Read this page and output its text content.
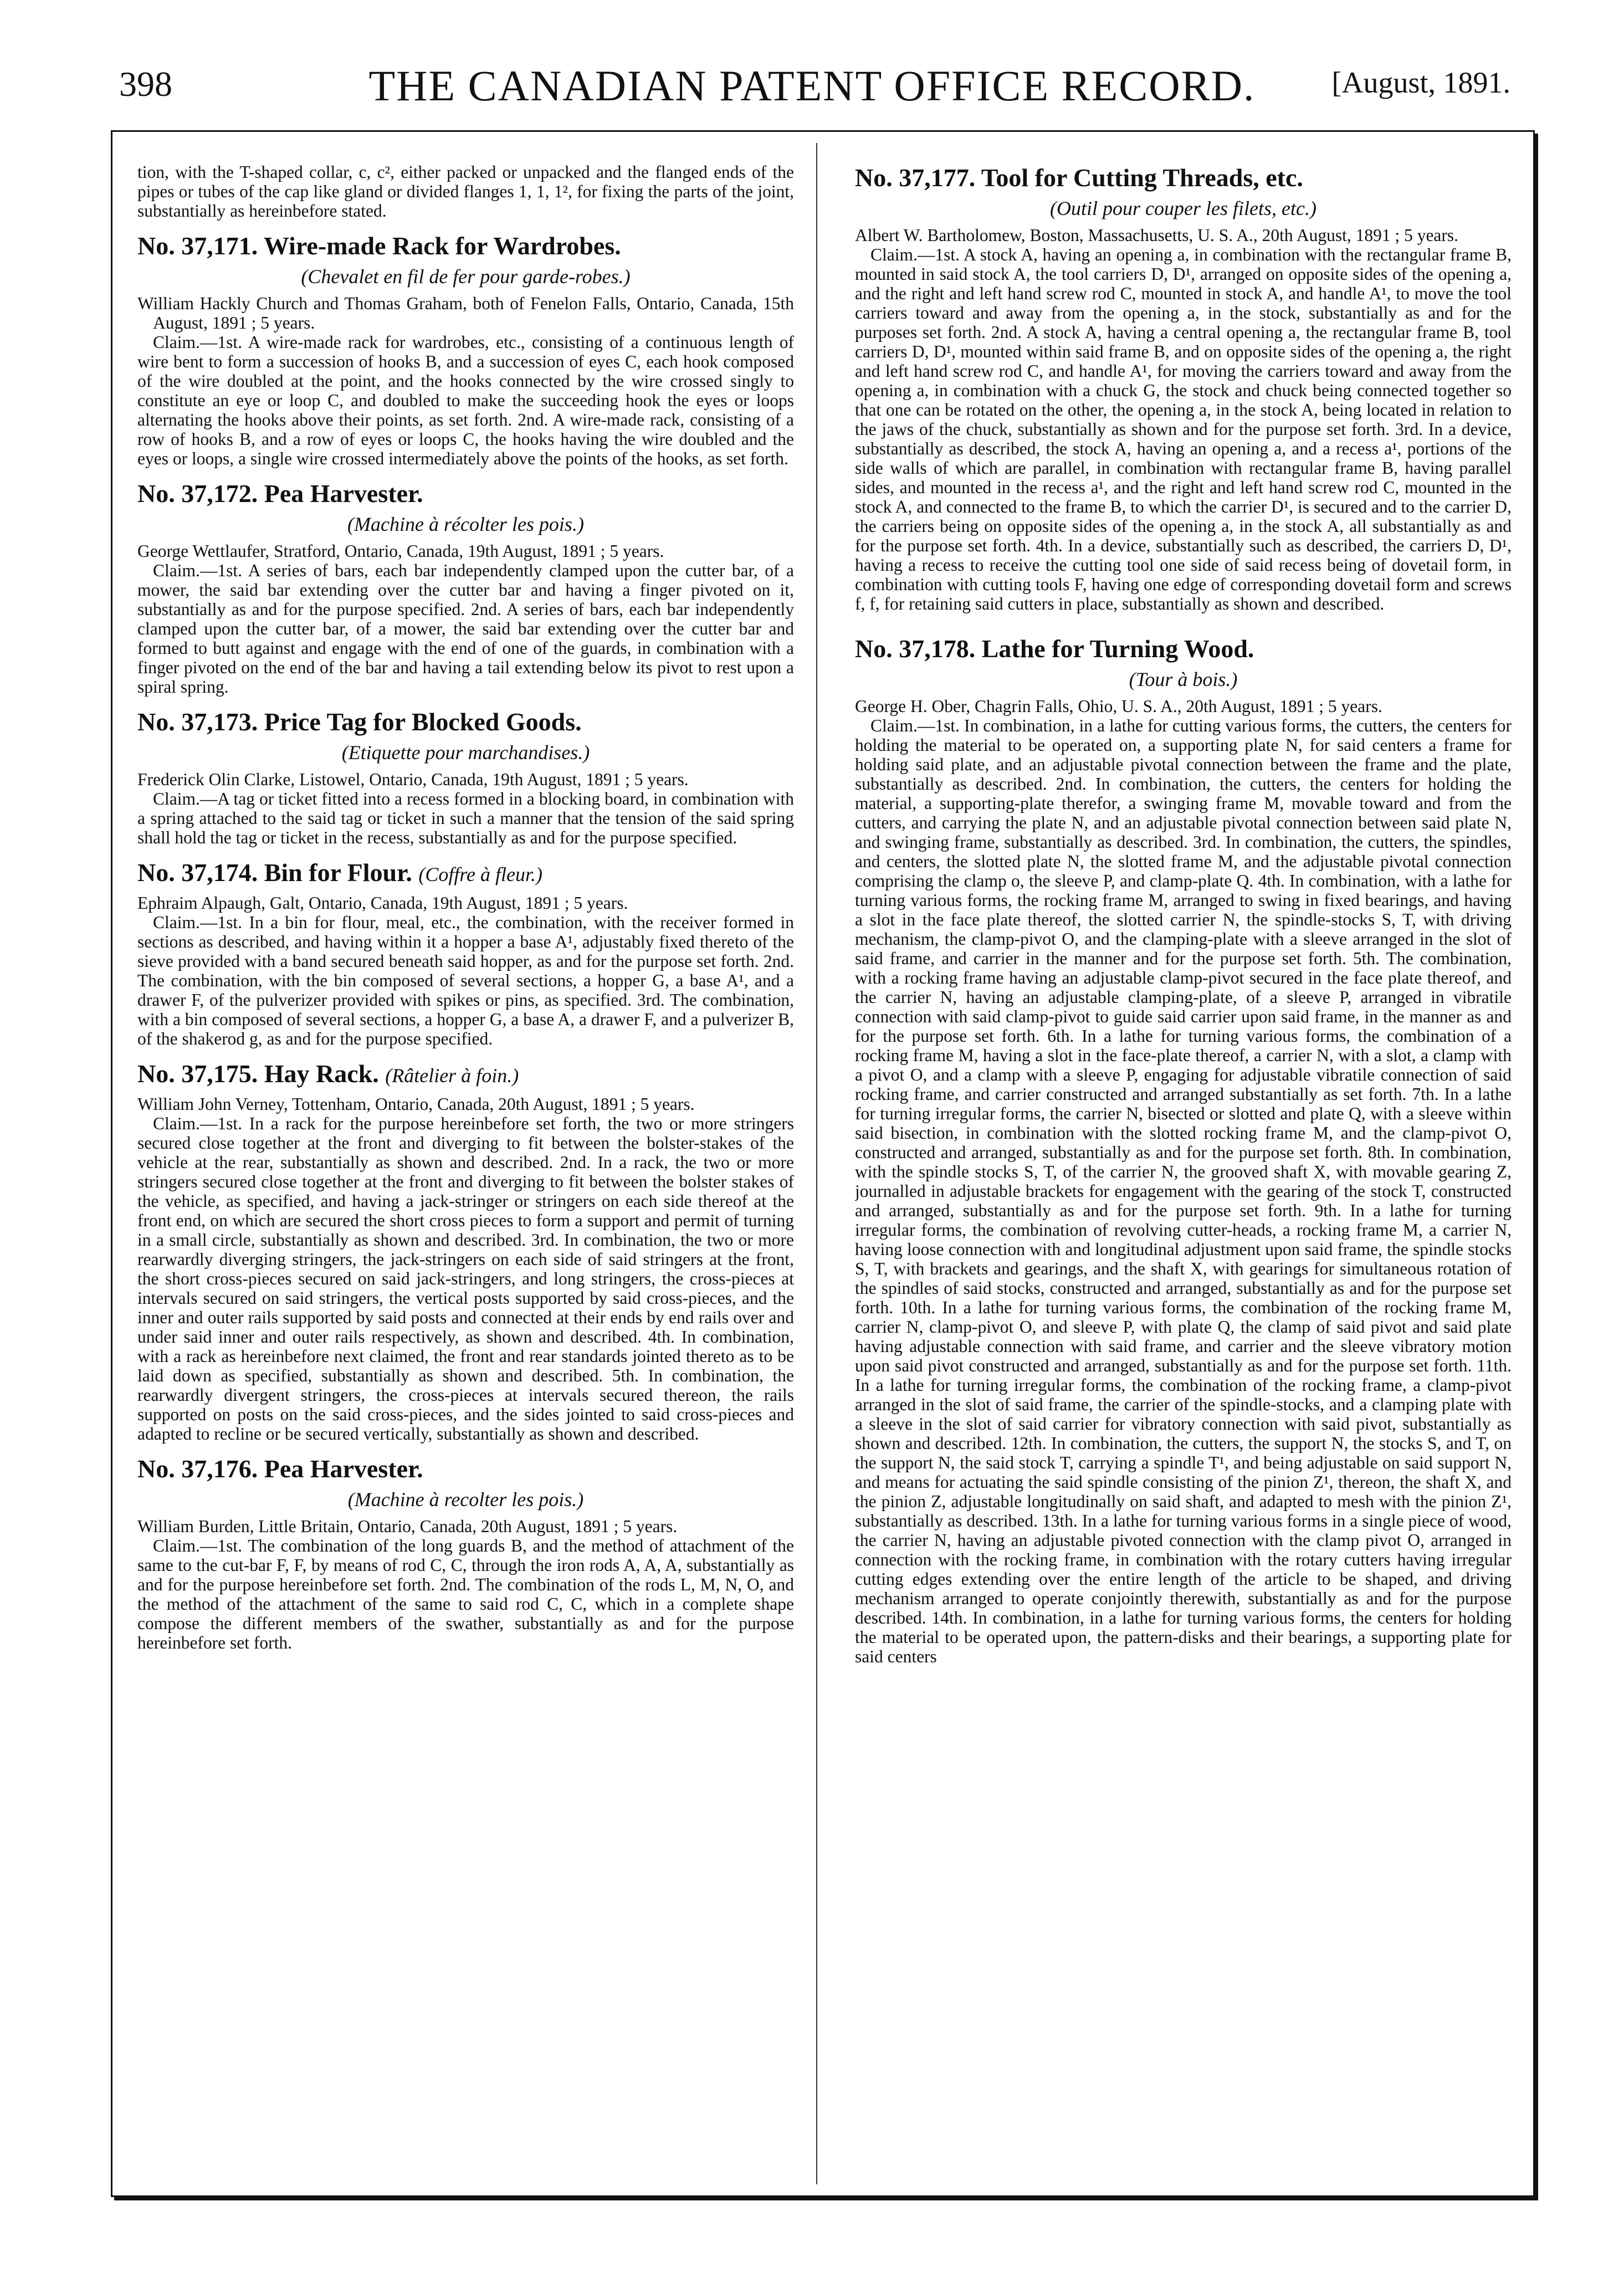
398	THE CANADIAN PATENT OFFICE RECORD.	[August, 1891.

tion, with the T-shaped collar, c, c², either packed or unpacked and the flanged ends of the pipes or tubes of the cap like gland or divided flanges 1, 1, 1², for fixing the parts of the joint, substantially as hereinbefore stated.

No. 37,171. Wire-made Rack for Wardrobes.
(Chevalet en fil de fer pour garde-robes.)

William Hackly Church and Thomas Graham, both of Fenelon Falls, Ontario, Canada, 15th August, 1891 ; 5 years.

Claim.—1st. A wire-made rack for wardrobes, etc., consisting of a continuous length of wire bent to form a succession of hooks B, and a succession of eyes C, each hook composed of the wire doubled at the point, and the hooks connected by the wire crossed singly to constitute an eye or loop C, and doubled to make the succeeding hook the eyes or loops alternating the hooks above their points, as set forth. 2nd. A wire-made rack, consisting of a row of hooks B, and a row of eyes or loops C, the hooks having the wire doubled and the eyes or loops, a single wire crossed intermediately above the points of the hooks, as set forth.

No. 37,172. Pea Harvester.
(Machine à récolter les pois.)

George Wettlaufer, Stratford, Ontario, Canada, 19th August, 1891 ; 5 years.

Claim.—1st. A series of bars, each bar independently clamped upon the cutter bar, of a mower, the said bar extending over the cutter bar and having a finger pivoted on it, substantially as and for the purpose specified. 2nd. A series of bars, each bar independently clamped upon the cutter bar, of a mower, the said bar extending over the cutter bar and formed to butt against and engage with the end of one of the guards, in combination with a finger pivoted on the end of the bar and having a tail extending below its pivot to rest upon a spiral spring.

No. 37,173. Price Tag for Blocked Goods.
(Etiquette pour marchandises.)

Frederick Olin Clarke, Listowel, Ontario, Canada, 19th August, 1891 ; 5 years.

Claim.—A tag or ticket fitted into a recess formed in a blocking board, in combination with a spring attached to the said tag or ticket in such a manner that the tension of the said spring shall hold the tag or ticket in the recess, substantially as and for the purpose specified.

No. 37,174. Bin for Flour. (Coffre à fleur.)

Ephraim Alpaugh, Galt, Ontario, Canada, 19th August, 1891 ; 5 years.

Claim.—1st. In a bin for flour, meal, etc., the combination, with the receiver formed in sections as described, and having within it a hopper a base A¹, adjustably fixed thereto of the sieve provided with a band secured beneath said hopper, as and for the purpose set forth. 2nd. The combination, with the bin composed of several sections, a hopper G, a base A¹, and a drawer F, of the pulverizer provided with spikes or pins, as specified. 3rd. The combination, with a bin composed of several sections, a hopper G, a base A, a drawer F, and a pulverizer B, of the shakerod g, as and for the purpose specified.

No. 37,175. Hay Rack. (Râtelier à foin.)

William John Verney, Tottenham, Ontario, Canada, 20th August, 1891 ; 5 years.

Claim.—1st. In a rack for the purpose hereinbefore set forth, the two or more stringers secured close together at the front and diverging to fit between the bolster-stakes of the vehicle at the rear, substantially as shown and described. 2nd. In a rack, the two or more stringers secured close together at the front and diverging to fit between the bolster stakes of the vehicle, as specified, and having a jack-stringer or stringers on each side thereof at the front end, on which are secured the short cross pieces to form a support and permit of turning in a small circle, substantially as shown and described. 3rd. In combination, the two or more rearwardly diverging stringers, the jack-stringers on each side of said stringers at the front, the short cross-pieces secured on said jack-stringers, and long stringers, the cross-pieces at intervals secured on said stringers, the vertical posts supported by said cross-pieces, and the inner and outer rails supported by said posts and connected at their ends by end rails over and under said inner and outer rails respectively, as shown and described. 4th. In combination, with a rack as hereinbefore next claimed, the front and rear standards jointed thereto as to be laid down as specified, substantially as shown and described. 5th. In combination, the rearwardly divergent stringers, the cross-pieces at intervals secured thereon, the rails supported on posts on the said cross-pieces, and the sides jointed to said cross-pieces and adapted to recline or be secured vertically, substantially as shown and described.

No. 37,176. Pea Harvester.
(Machine à recolter les pois.)

William Burden, Little Britain, Ontario, Canada, 20th August, 1891 ; 5 years.

Claim.—1st. The combination of the long guards B, and the method of attachment of the same to the cut-bar F, F, by means of rod C, C, through the iron rods A, A, A, substantially as and for the purpose hereinbefore set forth. 2nd. The combination of the rods L, M, N, O, and the method of the attachment of the same to said rod C, C, which in a complete shape compose the different members of the swather, substantially as and for the purpose hereinbefore set forth.

No. 37,177. Tool for Cutting Threads, etc.
(Outil pour couper les filets, etc.)

Albert W. Bartholomew, Boston, Massachusetts, U. S. A., 20th August, 1891 ; 5 years.

Claim.—1st. A stock A, having an opening a, in combination with the rectangular frame B, mounted in said stock A, the tool carriers D, D¹, arranged on opposite sides of the opening a, and the right and left hand screw rod C, mounted in stock A, and handle A¹, to move the tool carriers toward and away from the opening a, in the stock, substantially as and for the purposes set forth. 2nd. A stock A, having a central opening a, the rectangular frame B, tool carriers D, D¹, mounted within said frame B, and on opposite sides of the opening a, the right and left hand screw rod C, and handle A¹, for moving the carriers toward and away from the opening a, in combination with a chuck G, the stock and chuck being connected together so that one can be rotated on the other, the opening a, in the stock A, being located in relation to the jaws of the chuck, substantially as shown and for the purpose set forth. 3rd. In a device, substantially as described, the stock A, having an opening a, and a recess a¹, portions of the side walls of which are parallel, in combination with rectangular frame B, having parallel sides, and mounted in the recess a¹, and the right and left hand screw rod C, mounted in the stock A, and connected to the frame B, to which the carrier D¹, is secured and to the carrier D, the carriers being on opposite sides of the opening a, in the stock A, all substantially as and for the purpose set forth. 4th. In a device, substantially such as described, the carriers D, D¹, having a recess to receive the cutting tool one side of said recess being of dovetail form, in combination with cutting tools F, having one edge of corresponding dovetail form and screws f, f, for retaining said cutters in place, substantially as shown and described.

No. 37,178. Lathe for Turning Wood.
(Tour à bois.)

George H. Ober, Chagrin Falls, Ohio, U. S. A., 20th August, 1891 ; 5 years.

Claim.—1st. In combination, in a lathe for cutting various forms, the cutters, the centers for holding the material to be operated on, a supporting plate N, for said centers a frame for holding said plate, and an adjustable pivotal connection between the frame and the plate, substantially as described. 2nd. In combination, the cutters, the centers for holding the material, a supporting-plate therefor, a swinging frame M, movable toward and from the cutters, and carrying the plate N, and an adjustable pivotal connection between said plate N, and swinging frame, substantially as described. 3rd. In combination, the cutters, the spindles, and centers, the slotted plate N, the slotted frame M, and the adjustable pivotal connection comprising the clamp o, the sleeve P, and clamp-plate Q. 4th. In combination, with a lathe for turning various forms, the rocking frame M, arranged to swing in fixed bearings, and having a slot in the face plate thereof, the slotted carrier N, the spindle-stocks S, T, with driving mechanism, the clamp-pivot O, and the clamping-plate with a sleeve arranged in the slot of said frame, and carrier in the manner and for the purpose set forth. 5th. The combination, with a rocking frame having an adjustable clamp-pivot secured in the face plate thereof, and the carrier N, having an adjustable clamping-plate, of a sleeve P, arranged in vibratile connection with said clamp-pivot to guide said carrier upon said frame, in the manner as and for the purpose set forth. 6th. In a lathe for turning various forms, the combination of a rocking frame M, having a slot in the face-plate thereof, a carrier N, with a slot, a clamp with a pivot O, and a clamp with a sleeve P, engaging for adjustable vibratile connection of said rocking frame, and carrier constructed and arranged substantially as set forth. 7th. In a lathe for turning irregular forms, the carrier N, bisected or slotted and plate Q, with a sleeve within said bisection, in combination with the slotted rocking frame M, and the clamp-pivot O, constructed and arranged, substantially as and for the purpose set forth. 8th. In combination, with the spindle stocks S, T, of the carrier N, the grooved shaft X, with movable gearing Z, journalled in adjustable brackets for engagement with the gearing of the stock T, constructed and arranged, substantially as and for the purpose set forth. 9th. In a lathe for turning irregular forms, the combination of revolving cutter-heads, a rocking frame M, a carrier N, having loose connection with and longitudinal adjustment upon said frame, the spindle stocks S, T, with brackets and gearings, and the shaft X, with gearings for simultaneous rotation of the spindles of said stocks, constructed and arranged, substantially as and for the purpose set forth. 10th. In a lathe for turning various forms, the combination of the rocking frame M, carrier N, clamp-pivot O, and sleeve P, with plate Q, the clamp of said pivot and said plate having adjustable connection with said frame, and carrier and the sleeve vibratory motion upon said pivot constructed and arranged, substantially as and for the purpose set forth. 11th. In a lathe for turning irregular forms, the combination of the rocking frame, a clamp-pivot arranged in the slot of said frame, the carrier of the spindle-stocks, and a clamping plate with a sleeve in the slot of said carrier for vibratory connection with said pivot, substantially as shown and described. 12th. In combination, the cutters, the support N, the stocks S, and T, on the support N, the said stock T, carrying a spindle T¹, and being adjustable on said support N, and means for actuating the said spindle consisting of the pinion Z¹, thereon, the shaft X, and the pinion Z, adjustable longitudinally on said shaft, and adapted to mesh with the pinion Z¹, substantially as described. 13th. In a lathe for turning various forms in a single piece of wood, the carrier N, having an adjustable pivoted connection with the clamp pivot O, arranged in connection with the rocking frame, in combination with the rotary cutters having irregular cutting edges extending over the entire length of the article to be shaped, and driving mechanism arranged to operate conjointly therewith, substantially as and for the purpose described. 14th. In combination, in a lathe for turning various forms, the centers for holding the material to be operated upon, the pattern-disks and their bearings, a supporting plate for said centers
